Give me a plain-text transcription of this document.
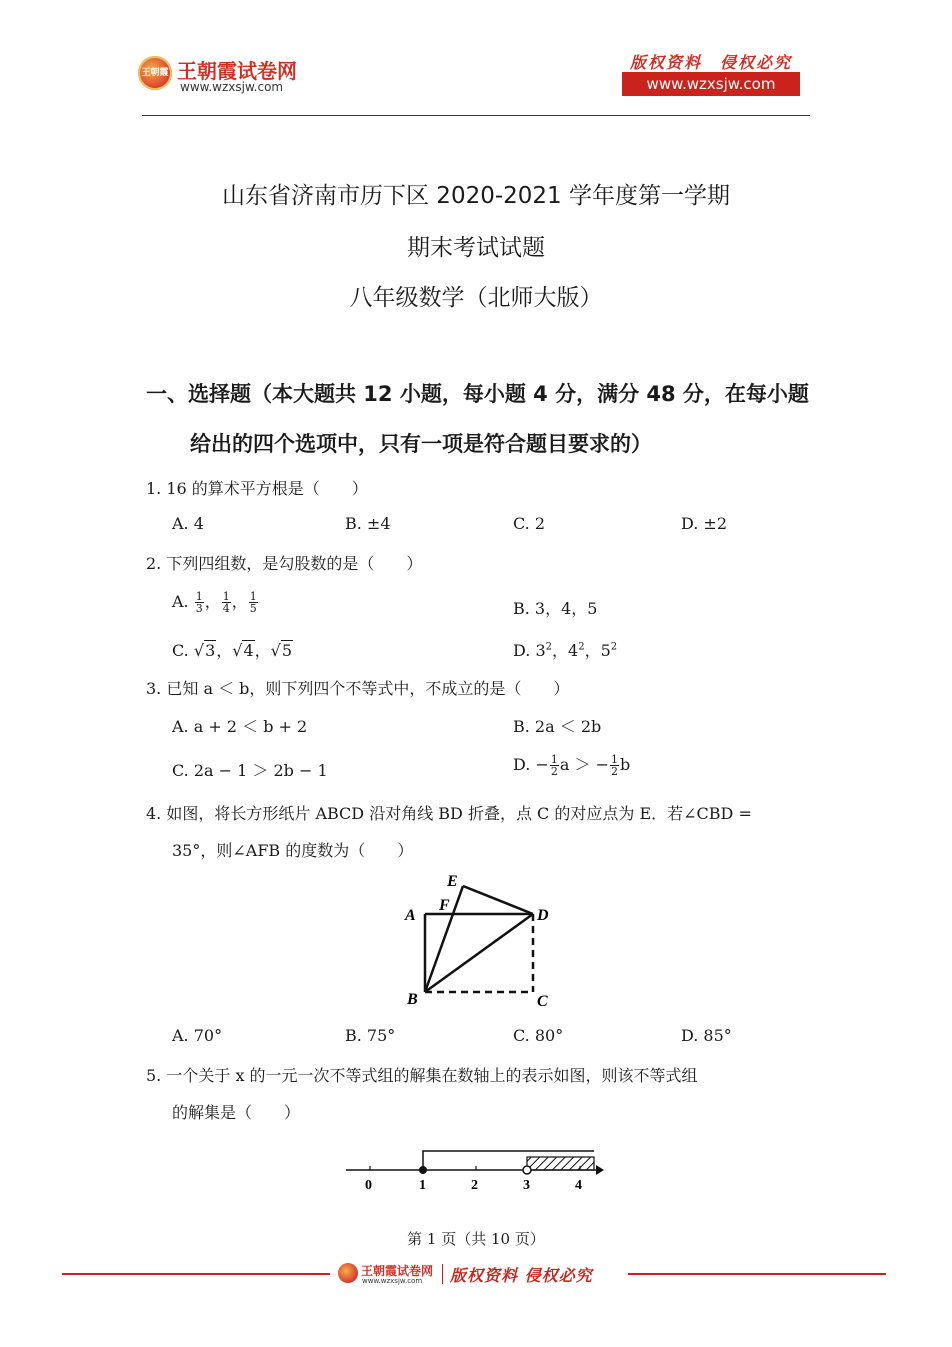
王朝霞 王朝霞试卷网
www.wzxsjw.com
版权资料　侵权必究
www.wzxsjw.com
山东省济南市历下区 2020-2021 学年度第一学期
期末考试试题
八年级数学（北师大版）
一、选择题（本大题共 12 小题，每小题 4 分，满分 48 分，在每小题
给出的四个选项中，只有一项是符合题目要求的）
1. 16 的算术平方根是（　　）
A. 4	B. ±4	C. 2	D. ±2
2. 下列四组数，是勾股数的是（　　）
A. $\frac{1}{3}$ ， $\frac{1}{4}$ ， $\frac{1}{5}$	B. 3，4，5
C. √3，√4，√5	D. $3^2$，$4^2$，$5^2$
3. 已知 a ＜ b，则下列四个不等式中，不成立的是（　　）
A. a + 2 ＜ b + 2	B. 2a ＜ 2b
C. 2a − 1 ＞ 2b − 1	D. − $\frac{1}{2}$ a ＞ − $\frac{1}{2}$ b
4. 如图，将长方形纸片 ABCD 沿对角线 BD 折叠，点 C 的对应点为 E．若∠CBD =
35°，则∠AFB 的度数为（　　）
A
B	C
D
E
F
A. 70°	B. 75°	C. 80°	D. 85°
5. 一个关于 x 的一元一次不等式组的解集在数轴上的表示如图，则该不等式组
的解集是（　　）
0	1	2	3	4
第 1 页（共 10 页）
王朝霞试卷网
www.wzxsjw.com 版权资料 侵权必究
